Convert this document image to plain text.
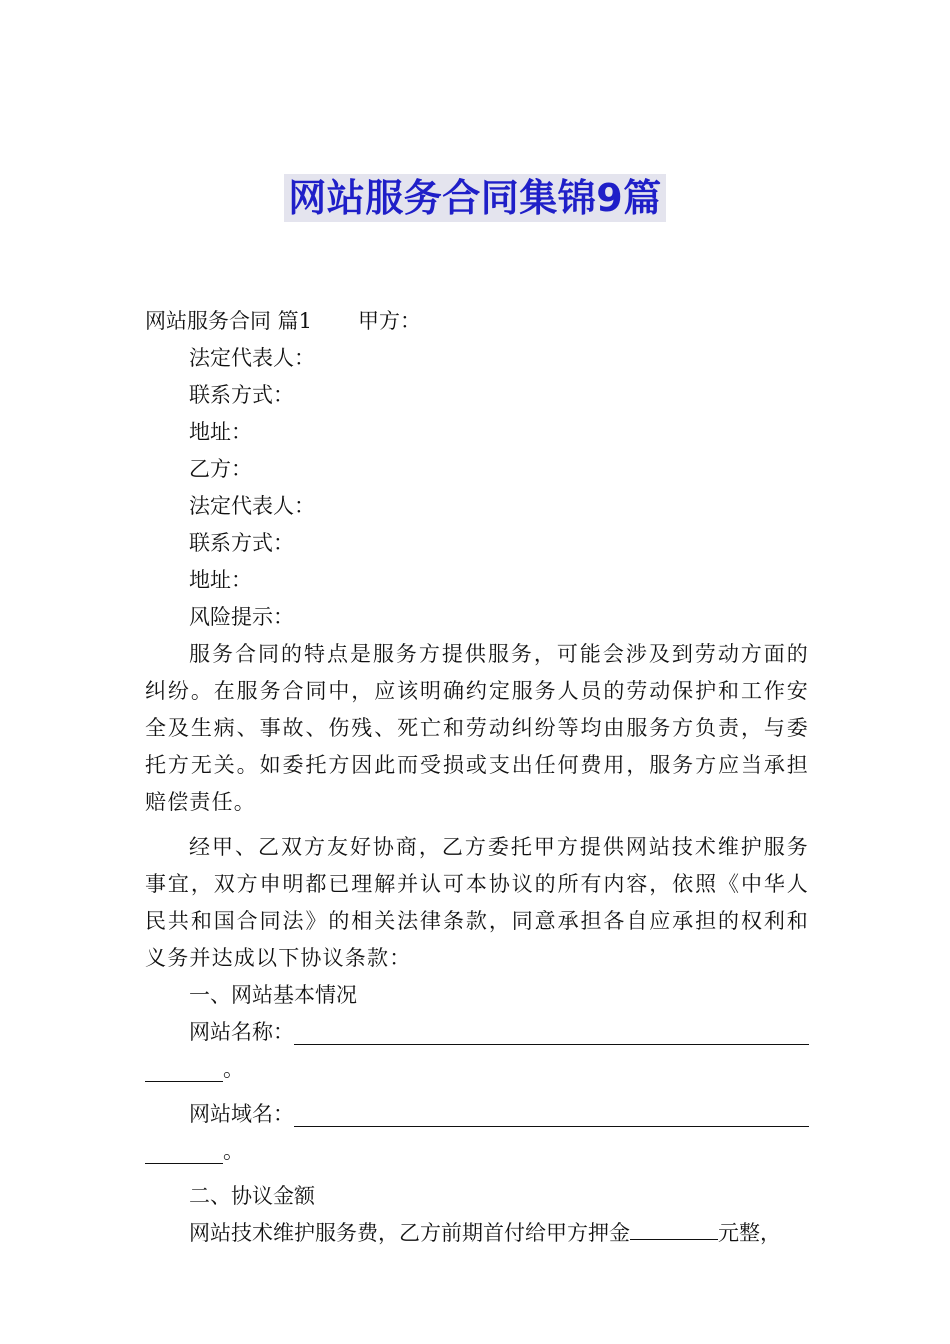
网站服务合同集锦9篇
网站服务合同 篇1 甲方：
法定代表人：
联系方式：
地址：
乙方：
法定代表人：
联系方式：
地址：
风险提示：
服务合同的特点是服务方提供服务，可能会涉及到劳动方面的纠纷。在服务合同中，应该明确约定服务人员的劳动保护和工作安全及生病、事故、伤残、死亡和劳动纠纷等均由服务方负责，与委托方无关。如委托方因此而受损或支出任何费用，服务方应当承担赔偿责任。
经甲、乙双方友好协商，乙方委托甲方提供网站技术维护服务事宜，双方申明都已理解并认可本协议的所有内容，依照《中华人民共和国合同法》的相关法律条款，同意承担各自应承担的权利和义务并达成以下协议条款：
一、网站基本情况
网站名称：
。
网站域名：
。
二、协议金额
网站技术维护服务费，乙方前期首付给甲方押金	元整，
